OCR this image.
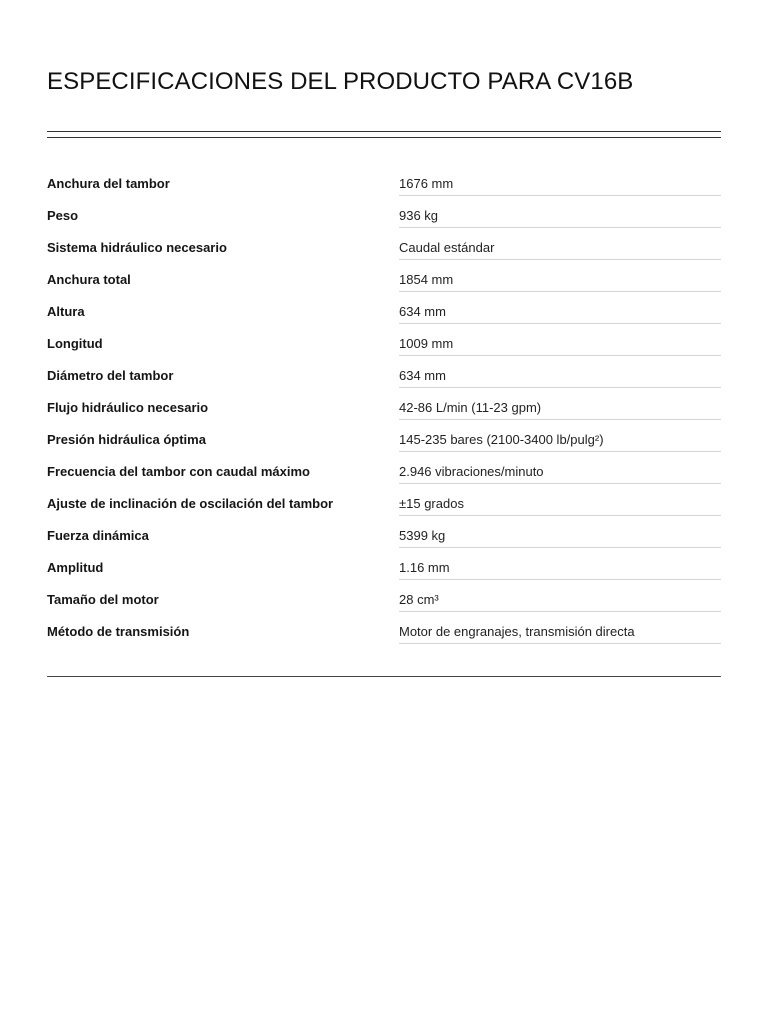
ESPECIFICACIONES DEL PRODUCTO PARA CV16B
Anchura del tambor	1676 mm
Peso	936 kg
Sistema hidráulico necesario	Caudal estándar
Anchura total	1854 mm
Altura	634 mm
Longitud	1009 mm
Diámetro del tambor	634 mm
Flujo hidráulico necesario	42-86 L/min (11-23 gpm)
Presión hidráulica óptima	145-235 bares (2100-3400 lb/pulg²)
Frecuencia del tambor con caudal máximo	2.946 vibraciones/minuto
Ajuste de inclinación de oscilación del tambor	±15 grados
Fuerza dinámica	5399 kg
Amplitud	1.16 mm
Tamaño del motor	28 cm³
Método de transmisión	Motor de engranajes, transmisión directa
